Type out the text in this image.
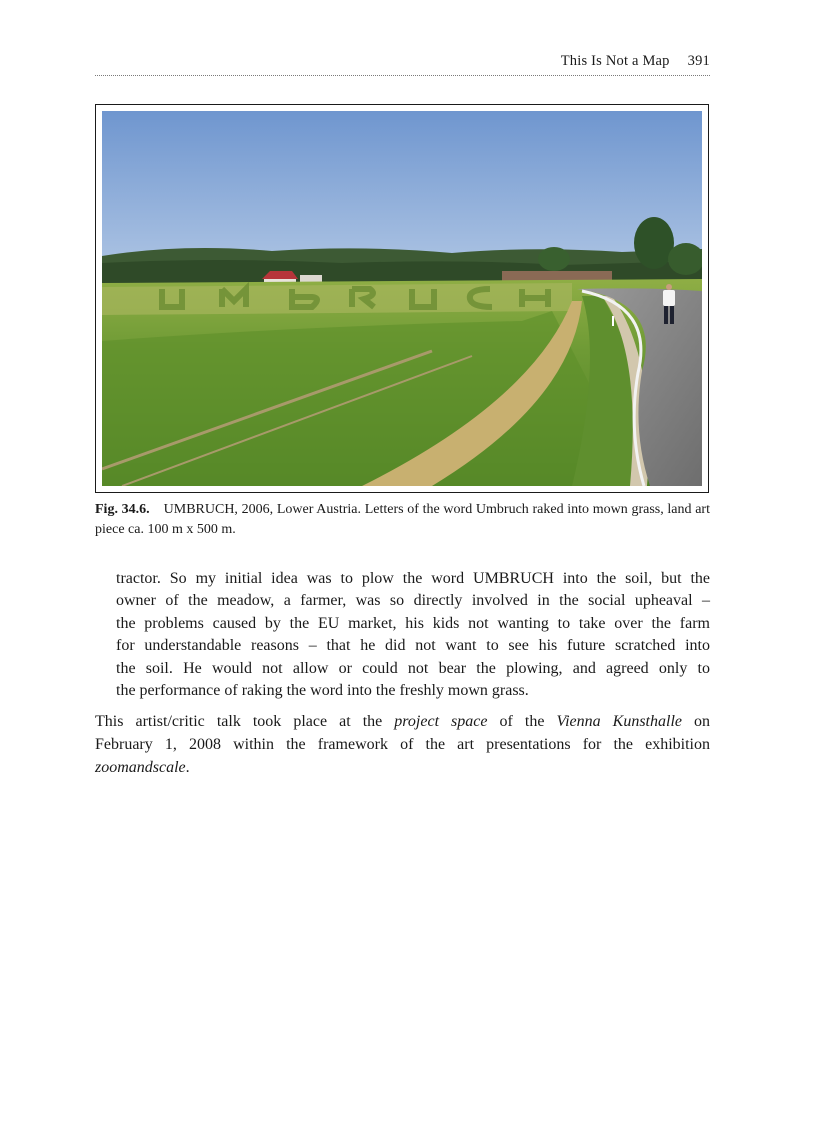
This Is Not a Map 391
Fig. 34.6. UMBRUCH, 2006, Lower Austria. Letters of the word Umbruch raked into mown grass, land art piece ca. 100 m x 500 m.
tractor. So my initial idea was to plow the word UMBRUCH into the soil, but the
owner of the meadow, a farmer, was so directly involved in the social upheaval –
the problems caused by the EU market, his kids not wanting to take over the farm
for understandable reasons – that he did not want to see his future scratched into
the soil. He would not allow or could not bear the plowing, and agreed only to
the performance of raking the word into the freshly mown grass.
This artist/critic talk took place at the project space of the Vienna Kunsthalle on
February 1, 2008 within the framework of the art presentations for the exhibition
zoomandscale.
